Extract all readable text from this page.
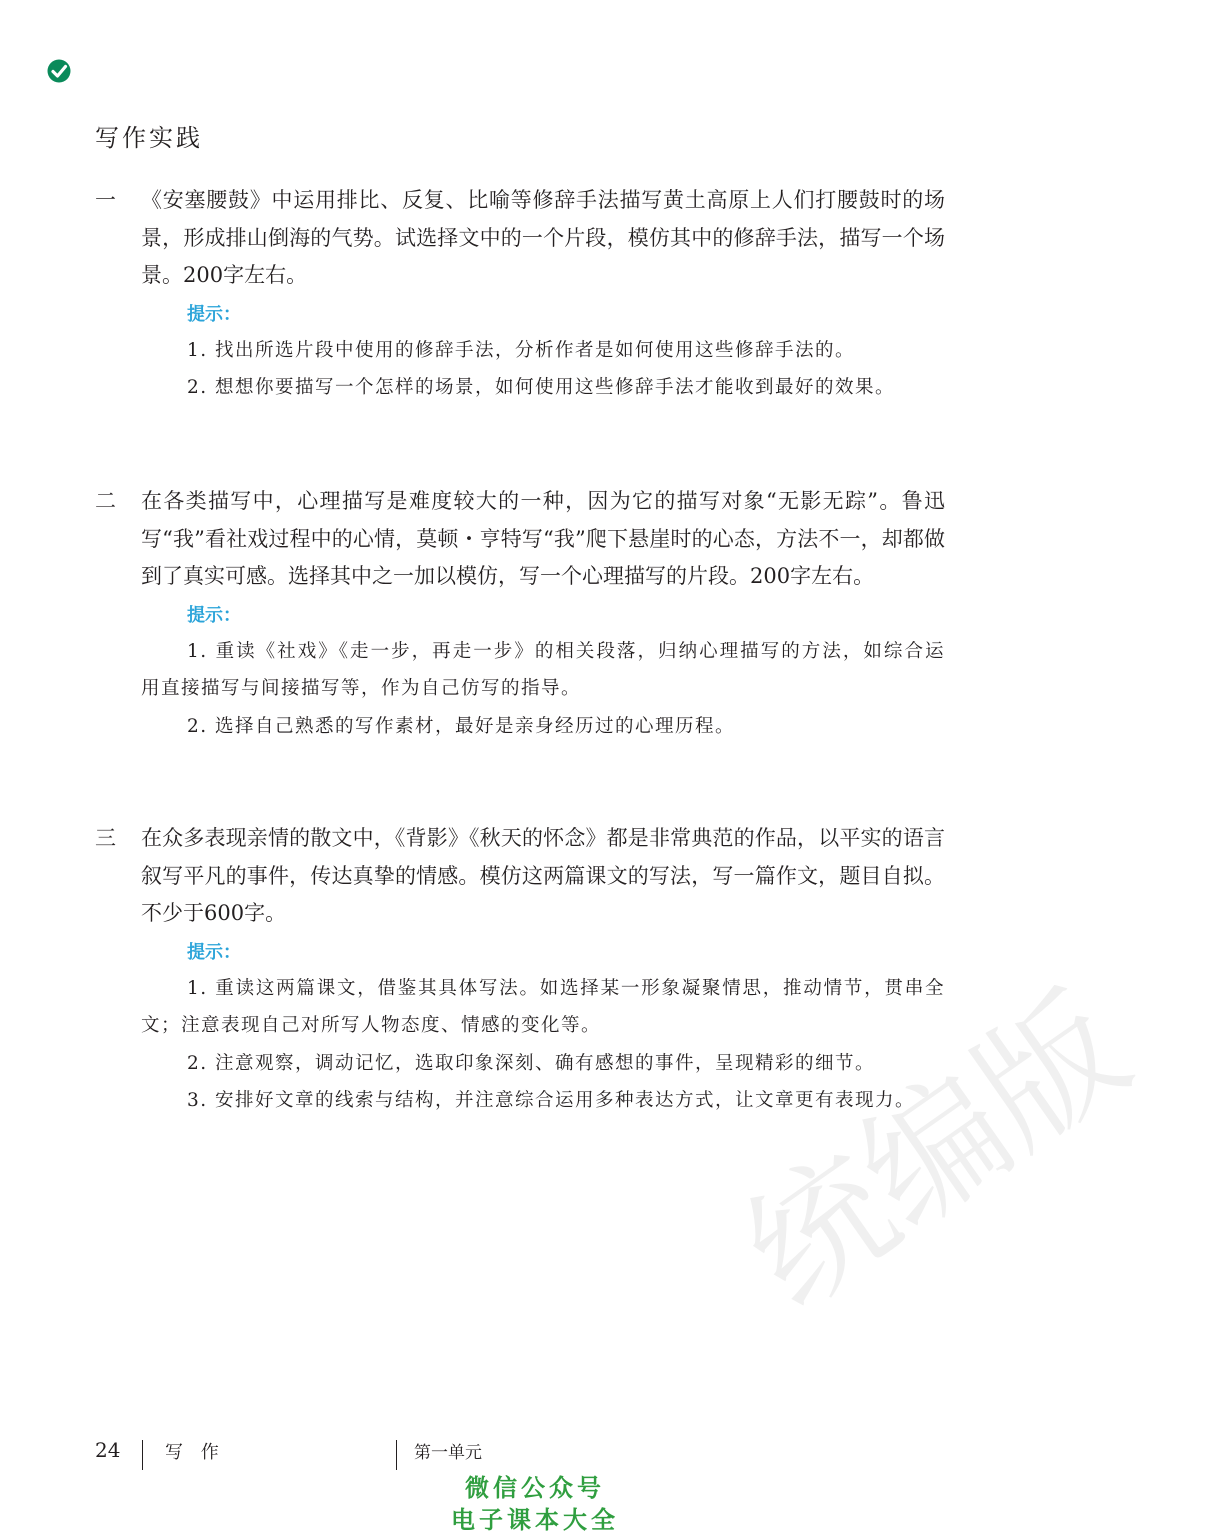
写作实践
一 《安塞腰鼓》中运用排比、反复、比喻等修辞手法描写黄土高原上人们打腰鼓时的场景，形成排山倒海的气势。试选择文中的一个片段，模仿其中的修辞手法，描写一个场景。200字左右。
提示：
1. 找出所选片段中使用的修辞手法，分析作者是如何使用这些修辞手法的。
2. 想想你要描写一个怎样的场景，如何使用这些修辞手法才能收到最好的效果。
二 在各类描写中，心理描写是难度较大的一种，因为它的描写对象“无影无踪”。鲁迅写“我”看社戏过程中的心情，莫顿・亨特写“我”爬下悬崖时的心态，方法不一，却都做到了真实可感。选择其中之一加以模仿，写一个心理描写的片段。200字左右。
提示：
1. 重读《社戏》《走一步，再走一步》的相关段落，归纳心理描写的方法，如综合运用直接描写与间接描写等，作为自己仿写的指导。
2. 选择自己熟悉的写作素材，最好是亲身经历过的心理历程。
三 在众多表现亲情的散文中，《背影》《秋天的怀念》都是非常典范的作品，以平实的语言叙写平凡的事件，传达真挚的情感。模仿这两篇课文的写法，写一篇作文，题目自拟。不少于600字。
提示：
1. 重读这两篇课文，借鉴其具体写法。如选择某一形象凝聚情思，推动情节，贯串全文；注意表现自己对所写人物态度、情感的变化等。
2. 注意观察，调动记忆，选取印象深刻、确有感想的事件，呈现精彩的细节。
3. 安排好文章的线索与结构，并注意综合运用多种表达方式，让文章更有表现力。
统编版
24 写 作	第一单元
微信公众号
电子课本大全
